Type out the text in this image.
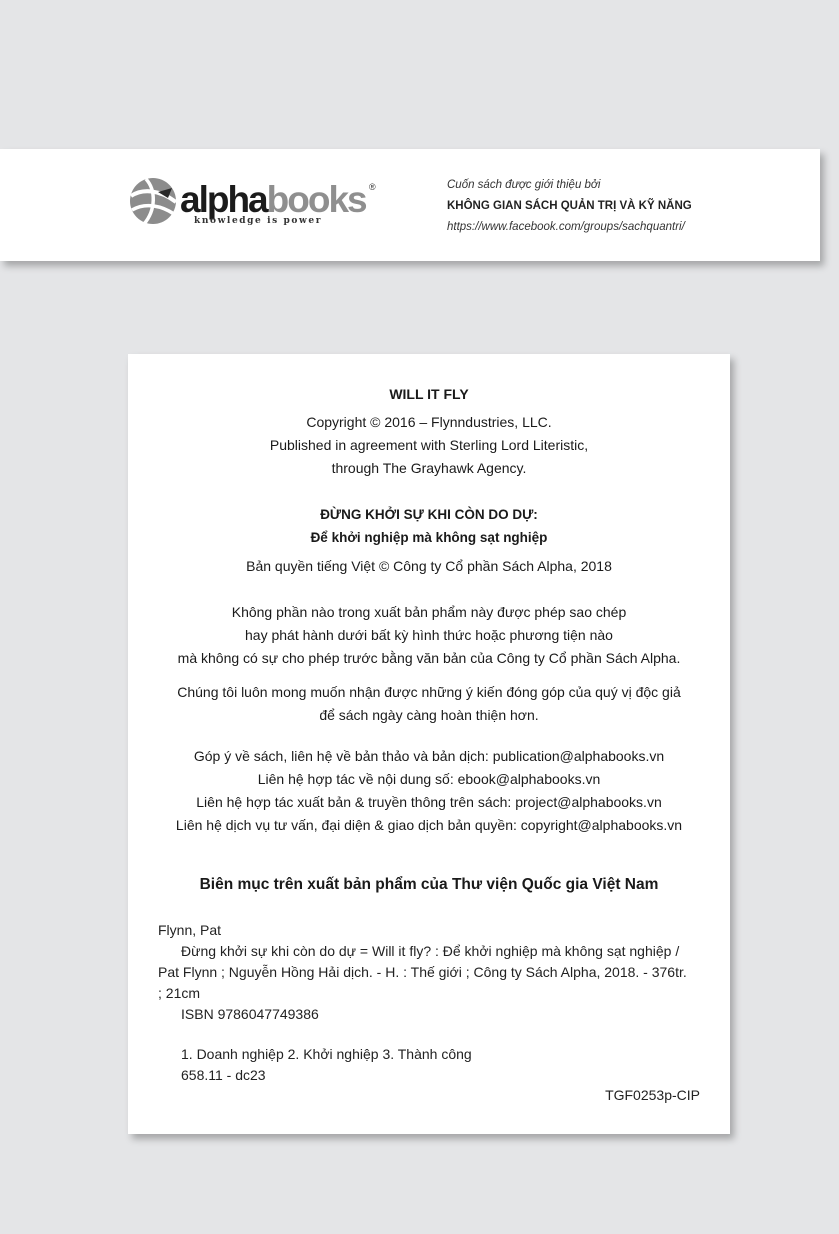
alphabooks ®
knowledge is power
Cuốn sách được giới thiệu bởi
KHÔNG GIAN SÁCH QUẢN TRỊ VÀ KỸ NĂNG
https://www.facebook.com/groups/sachquantri/
WILL IT FLY
Copyright © 2016 – Flynndustries, LLC.
Published in agreement with Sterling Lord Literistic,
through The Grayhawk Agency.
ĐỪNG KHỞI SỰ KHI CÒN DO DỰ:
Để khởi nghiệp mà không sạt nghiệp
Bản quyền tiếng Việt © Công ty Cổ phần Sách Alpha, 2018
Không phần nào trong xuất bản phẩm này được phép sao chép
hay phát hành dưới bất kỳ hình thức hoặc phương tiện nào
mà không có sự cho phép trước bằng văn bản của Công ty Cổ phần Sách Alpha.
Chúng tôi luôn mong muốn nhận được những ý kiến đóng góp của quý vị độc giả
để sách ngày càng hoàn thiện hơn.
Góp ý về sách, liên hệ về bản thảo và bản dịch: publication@alphabooks.vn
Liên hệ hợp tác về nội dung số: ebook@alphabooks.vn
Liên hệ hợp tác xuất bản & truyền thông trên sách: project@alphabooks.vn
Liên hệ dịch vụ tư vấn, đại diện & giao dịch bản quyền: copyright@alphabooks.vn
Biên mục trên xuất bản phẩm của Thư viện Quốc gia Việt Nam
Flynn, Pat
Đừng khởi sự khi còn do dự = Will it fly? : Để khởi nghiệp mà không sạt nghiệp /
Pat Flynn ; Nguyễn Hồng Hải dịch. - H. : Thế giới ; Công ty Sách Alpha, 2018. - 376tr.
; 21cm
ISBN 9786047749386
1. Doanh nghiệp 2. Khởi nghiệp 3. Thành công
658.11 - dc23
TGF0253p-CIP
